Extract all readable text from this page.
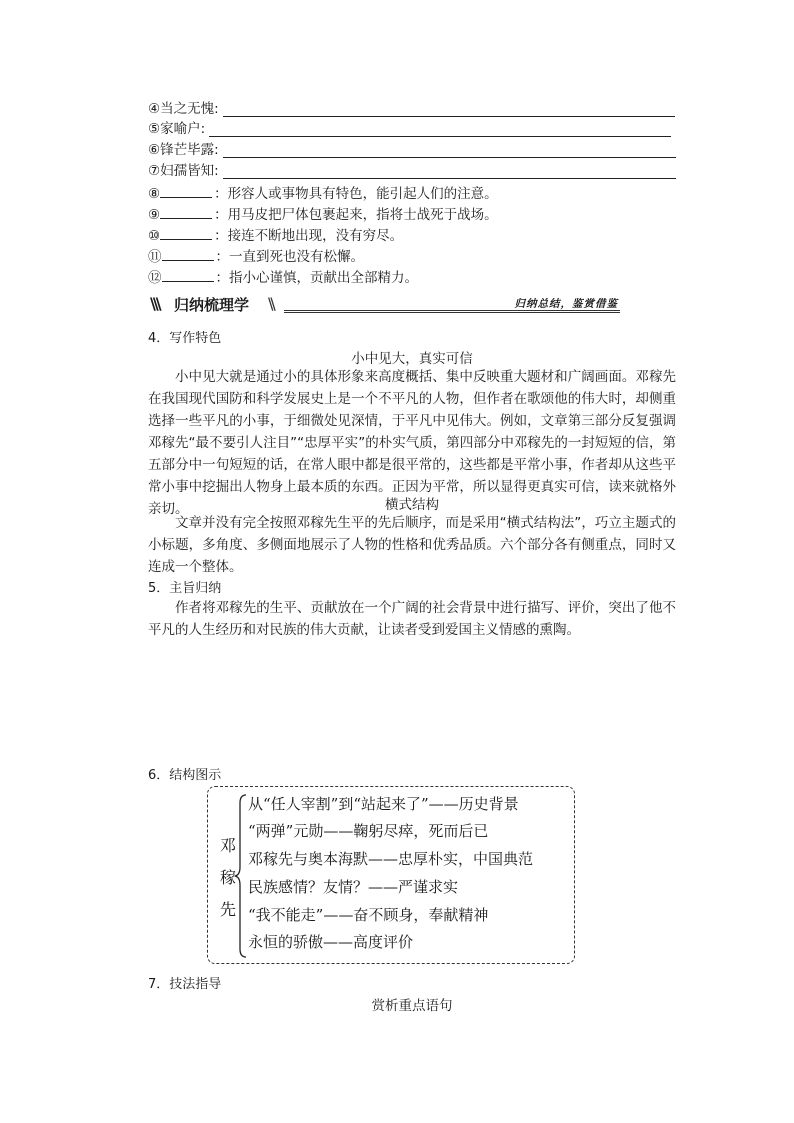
④当之无愧:
⑤家喻户:
⑥锋芒毕露:
⑦妇孺皆知:
⑧	：形容人或事物具有特色，能引起人们的注意。
⑨	：用马皮把尸体包裹起来，指将士战死于战场。
⑩	：接连不断地出现，没有穷尽。
⑪	：一直到死也没有松懈。
⑫	：指小心谨慎，贡献出全部精力。
\\\ 归纳梳理学 \\	归纳总结，鉴赏借鉴
4．写作特色
小中见大，真实可信
小中见大就是通过小的具体形象来高度概括、集中反映重大题材和广阔画面。邓稼先在我国现代国防和科学发展史上是一个不平凡的人物，但作者在歌颂他的伟大时，却侧重选择一些平凡的小事，于细微处见深情，于平凡中见伟大。例如，文章第三部分反复强调邓稼先“最不要引人注目”“忠厚平实”的朴实气质，第四部分中邓稼先的一封短短的信，第五部分中一句短短的话，在常人眼中都是很平常的，这些都是平常小事，作者却从这些平常小事中挖掘出人物身上最本质的东西。正因为平常，所以显得更真实可信，读来就格外亲切。	横式结构
文章并没有完全按照邓稼先生平的先后顺序，而是采用“横式结构法”，巧立主题式的小标题，多角度、多侧面地展示了人物的性格和优秀品质。六个部分各有侧重点，同时又连成一个整体。
5．主旨归纳
作者将邓稼先的生平、贡献放在一个广阔的社会背景中进行描写、评价，突出了他不平凡的人生经历和对民族的伟大贡献，让读者受到爱国主义情感的熏陶。
6．结构图示
邓
稼
先
从“任人宰割”到“站起来了”——历史背景
“两弹”元勋——鞠躬尽瘁，死而后已
邓稼先与奥本海默——忠厚朴实，中国典范
民族感情？友情？——严谨求实
“我不能走”——奋不顾身，奉献精神
永恒的骄傲——高度评价
7．技法指导
赏析重点语句
